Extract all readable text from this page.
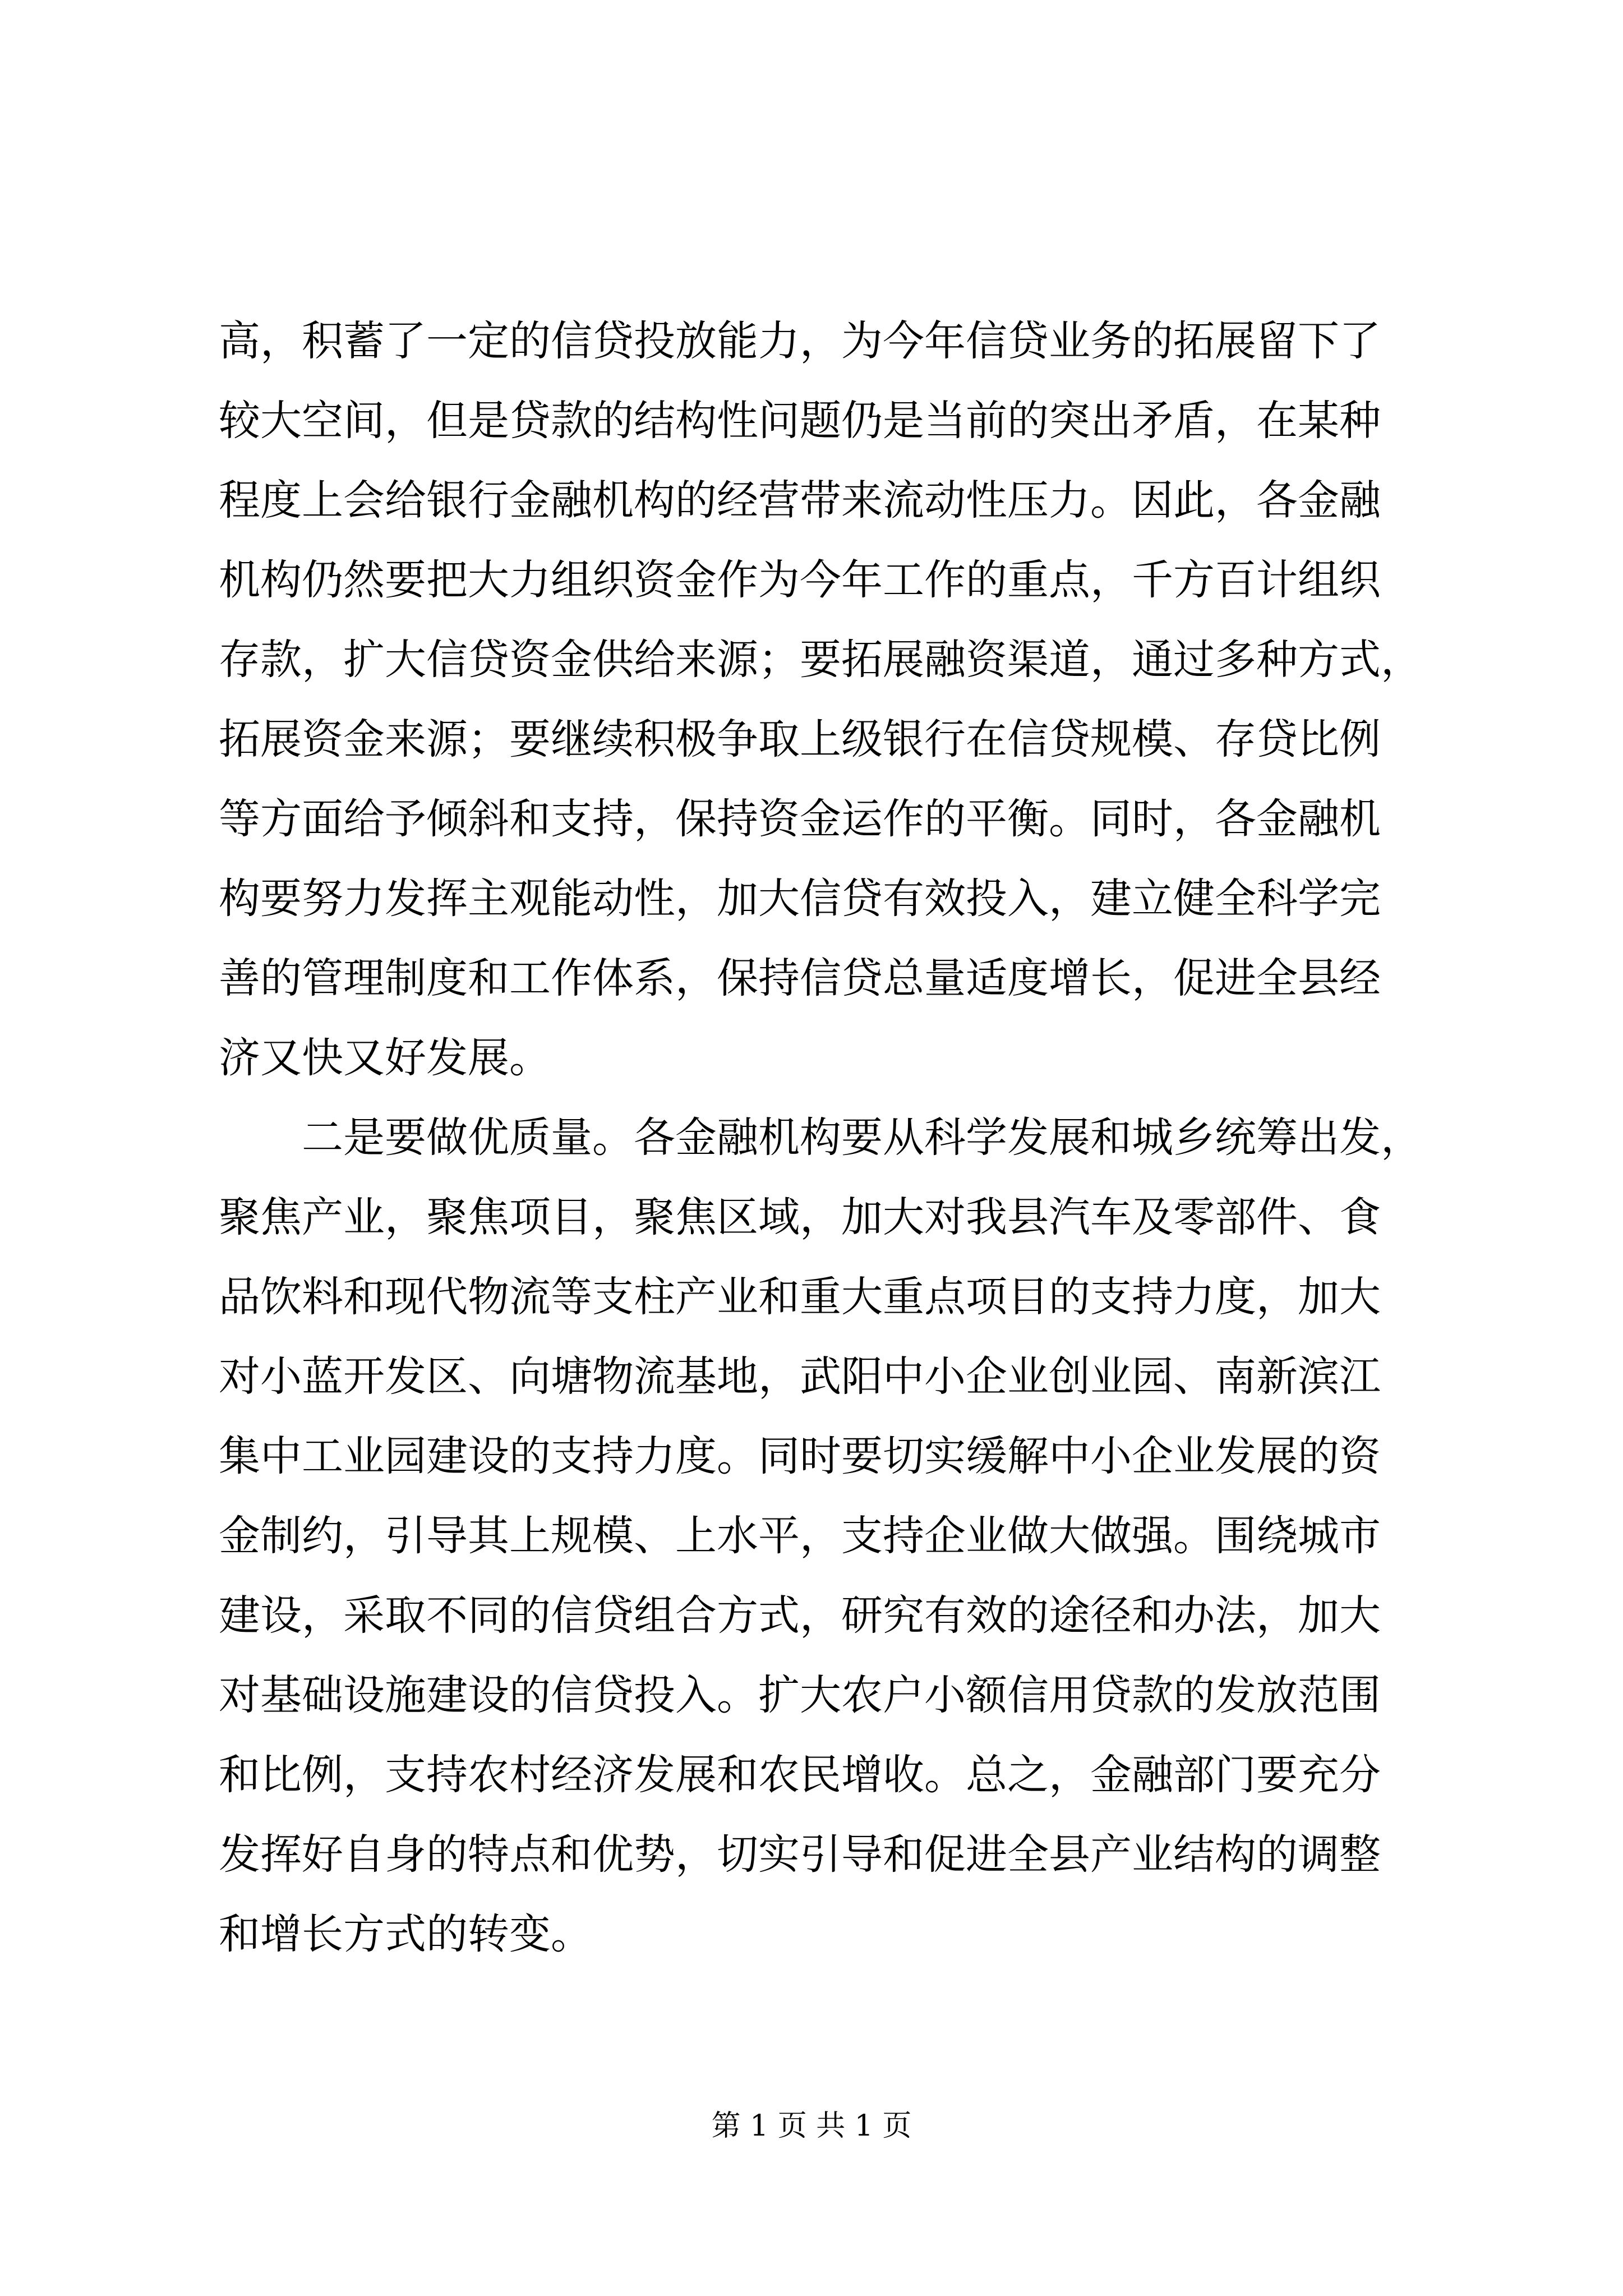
高，积蓄了一定的信贷投放能力，为今年信贷业务的拓展留下了
较大空间，但是贷款的结构性问题仍是当前的突出矛盾，在某种
程度上会给银行金融机构的经营带来流动性压力。因此，各金融
机构仍然要把大力组织资金作为今年工作的重点，千方百计组织
存款，扩大信贷资金供给来源；要拓展融资渠道，通过多种方式，
拓展资金来源；要继续积极争取上级银行在信贷规模、存贷比例
等方面给予倾斜和支持，保持资金运作的平衡。同时，各金融机
构要努力发挥主观能动性，加大信贷有效投入，建立健全科学完
善的管理制度和工作体系，保持信贷总量适度增长，促进全县经
济又快又好发展。
　　二是要做优质量。各金融机构要从科学发展和城乡统筹出发，
聚焦产业，聚焦项目，聚焦区域，加大对我县汽车及零部件、食
品饮料和现代物流等支柱产业和重大重点项目的支持力度，加大
对小蓝开发区、向塘物流基地，武阳中小企业创业园、南新滨江
集中工业园建设的支持力度。同时要切实缓解中小企业发展的资
金制约，引导其上规模、上水平，支持企业做大做强。围绕城市
建设，采取不同的信贷组合方式，研究有效的途径和办法，加大
对基础设施建设的信贷投入。扩大农户小额信用贷款的发放范围
和比例，支持农村经济发展和农民增收。总之，金融部门要充分
发挥好自身的特点和优势，切实引导和促进全县产业结构的调整
和增长方式的转变。
第 1 页 共 1 页
